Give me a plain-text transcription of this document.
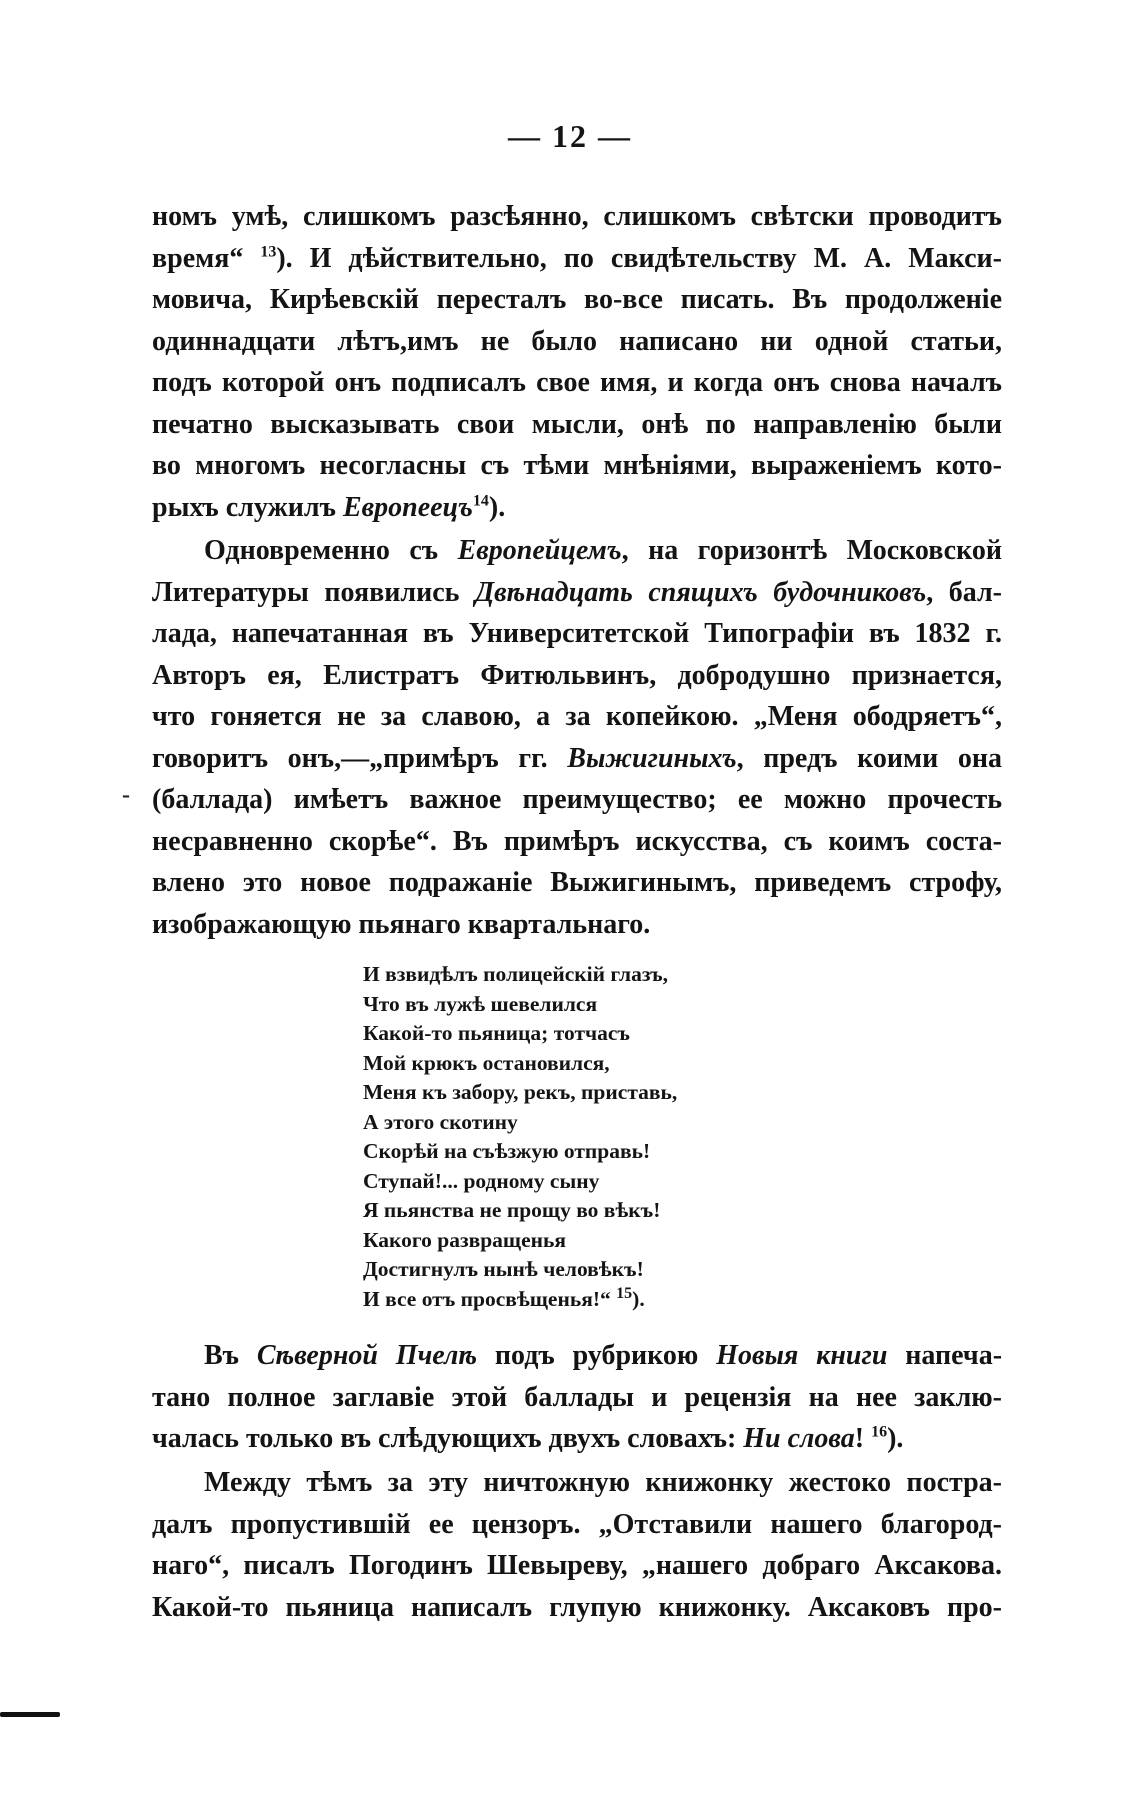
— 12 —
номъ умѣ, слишкомъ разсѣянно, слишкомъ свѣтски проводитъ
время“ $^{13}$). И дѣйствительно, по свидѣтельству М. А. Макси-
мовича, Кирѣевскій пересталъ во-все писать. Въ продолженіе
одиннадцати лѣтъ,имъ не было написано ни одной статьи,
подъ которой онъ подписалъ свое имя, и когда онъ снова началъ
печатно высказывать свои мысли, онѣ по направленію были
во многомъ несогласны съ тѣми мнѣніями, выраженіемъ кото-
рыхъ служилъ Европеецъ$^{14}$).
Одновременно съ Европейцемъ, на горизонтѣ Московской
Литературы появились Двѣнадцать спящихъ будочниковъ, бал-
лада, напечатанная въ Университетской Типографіи въ 1832 г.
Авторъ ея, Елистратъ Фитюльвинъ, добродушно признается,
что гоняется не за славою, а за копейкою. „Меня ободряетъ“,
говоритъ онъ,—„примѣръ гг. Выжигиныхъ, предъ коими она
(баллада) имѣетъ важное преимущество; ее можно прочесть
несравненно скорѣе“. Въ примѣръ искусства, съ коимъ соста-
влено это новое подражаніе Выжигинымъ, приведемъ строфу,
изображающую пьянаго квартальнаго.
И взвидѣлъ полицейскій глазъ,
Что въ лужѣ шевелился
Какой-то пьяница; тотчасъ
Мой крюкъ остановился,
Меня къ забору, рекъ, приставь,
А этого скотину
Скорѣй на съѣзжую отправь!
Ступай!... родному сыну
Я пьянства не прощу во вѣкъ!
Какого развращенья
Достигнулъ нынѣ человѣкъ!
И все отъ просвѣщенья!“ $^{15}$).
Въ Сѣверной Пчелѣ подъ рубрикою Новыя книги напеча-
тано полное заглавіе этой баллады и рецензія на нее заклю-
чалась только въ слѣдующихъ двухъ словахъ: Ни слова! $^{16}$).
Между тѣмъ за эту ничтожную книжонку жестоко постра-
далъ пропустившій ее цензоръ. „Отставили нашего благород-
наго“, писалъ Погодинъ Шевыреву, „нашего добраго Аксакова.
Какой-то пьяница написалъ глупую книжонку. Аксаковъ про-
-
